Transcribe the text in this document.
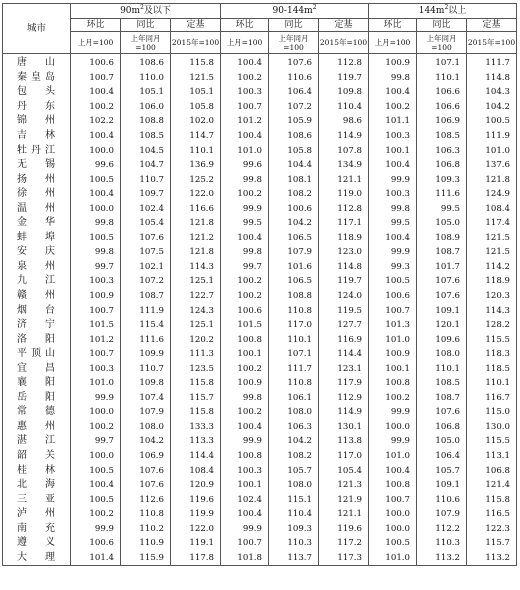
城市	$90m^2$及以下			$90-144m^2$			$144m^2$以上		
	环比	同比	定基	环比	同比	定基	环比	同比	定基
	上月=100	上年同月=100	2015年=100	上月=100	上年同月=100	2015年=100	上月=100	上年同月=100	2015年=100

唐山	100.6	108.6	115.8	100.4	107.6	112.8	100.9	107.1	111.7

秦皇岛	100.7	110.0	121.5	100.2	110.6	119.7	99.8	110.1	114.8

包头	100.4	105.1	105.1	100.3	106.4	109.8	100.4	106.6	104.3

丹东	100.2	106.0	105.8	100.7	107.2	110.4	100.2	106.6	104.2

锦州	102.2	108.8	102.0	101.2	105.9	98.6	101.1	106.9	100.5

吉林	100.4	108.5	114.7	100.4	108.6	114.9	100.3	108.5	111.9

牡丹江	100.0	104.5	110.1	101.0	105.8	107.8	100.1	106.3	101.0

无锡	99.6	104.7	136.9	99.6	104.4	134.9	100.4	106.8	137.6

扬州	100.5	110.7	125.2	99.8	108.1	121.1	99.9	109.3	121.8

徐州	100.4	109.7	122.0	100.2	108.2	119.0	100.3	111.6	124.9

温州	100.0	102.4	116.6	99.9	100.6	112.8	99.8	99.5	108.4

金华	99.8	105.4	121.8	99.5	104.2	117.1	99.5	105.0	117.4

蚌埠	100.5	107.6	121.2	100.4	106.5	118.9	100.4	108.9	121.5

安庆	99.8	107.5	121.8	99.8	107.9	123.0	99.9	108.7	121.5

泉州	99.7	102.1	114.3	99.7	101.6	114.8	99.3	101.7	114.2

九江	100.3	107.2	125.1	100.2	106.5	119.7	100.5	107.6	118.9

赣州	100.9	108.7	122.7	100.2	108.8	124.0	100.6	107.6	120.3

烟台	100.7	111.9	124.3	100.6	110.8	119.5	100.7	109.1	114.3

济宁	101.5	115.4	125.1	101.5	117.0	127.7	101.3	120.1	128.2

洛阳	101.2	111.6	120.2	100.8	110.1	116.9	101.0	109.6	115.5

平顶山	100.7	109.9	111.3	100.1	107.1	114.4	100.9	108.0	118.3

宜昌	100.3	110.7	123.5	100.2	111.7	123.1	100.1	110.1	118.5

襄阳	101.0	109.8	115.8	100.9	110.8	117.9	100.8	108.5	110.1

岳阳	99.9	107.4	115.7	99.8	106.1	112.9	100.2	108.7	116.7

常德	100.0	107.9	115.8	100.2	108.0	114.9	99.9	107.6	115.0

惠州	100.2	108.0	133.3	100.4	106.3	130.1	100.0	106.8	130.0

湛江	99.7	104.2	113.3	99.9	104.2	113.8	99.9	105.0	115.5

韶关	100.0	106.9	114.4	100.8	108.2	117.0	101.0	106.4	113.1

桂林	100.5	107.6	108.4	100.3	105.7	105.4	100.4	105.7	106.8

北海	100.4	107.6	120.9	100.1	108.0	121.3	100.8	109.1	121.4

三亚	100.5	112.6	119.6	102.4	115.1	121.9	100.7	110.6	115.8

泸州	100.2	110.8	119.9	100.4	110.4	121.1	100.0	107.9	116.5

南充	99.9	110.2	122.0	99.9	109.3	119.6	100.0	112.2	122.3

遵义	100.6	110.9	119.1	100.7	110.3	117.2	100.5	110.3	115.7

大理	101.4	115.9	117.8	101.8	113.7	117.3	101.0	113.2	113.2
